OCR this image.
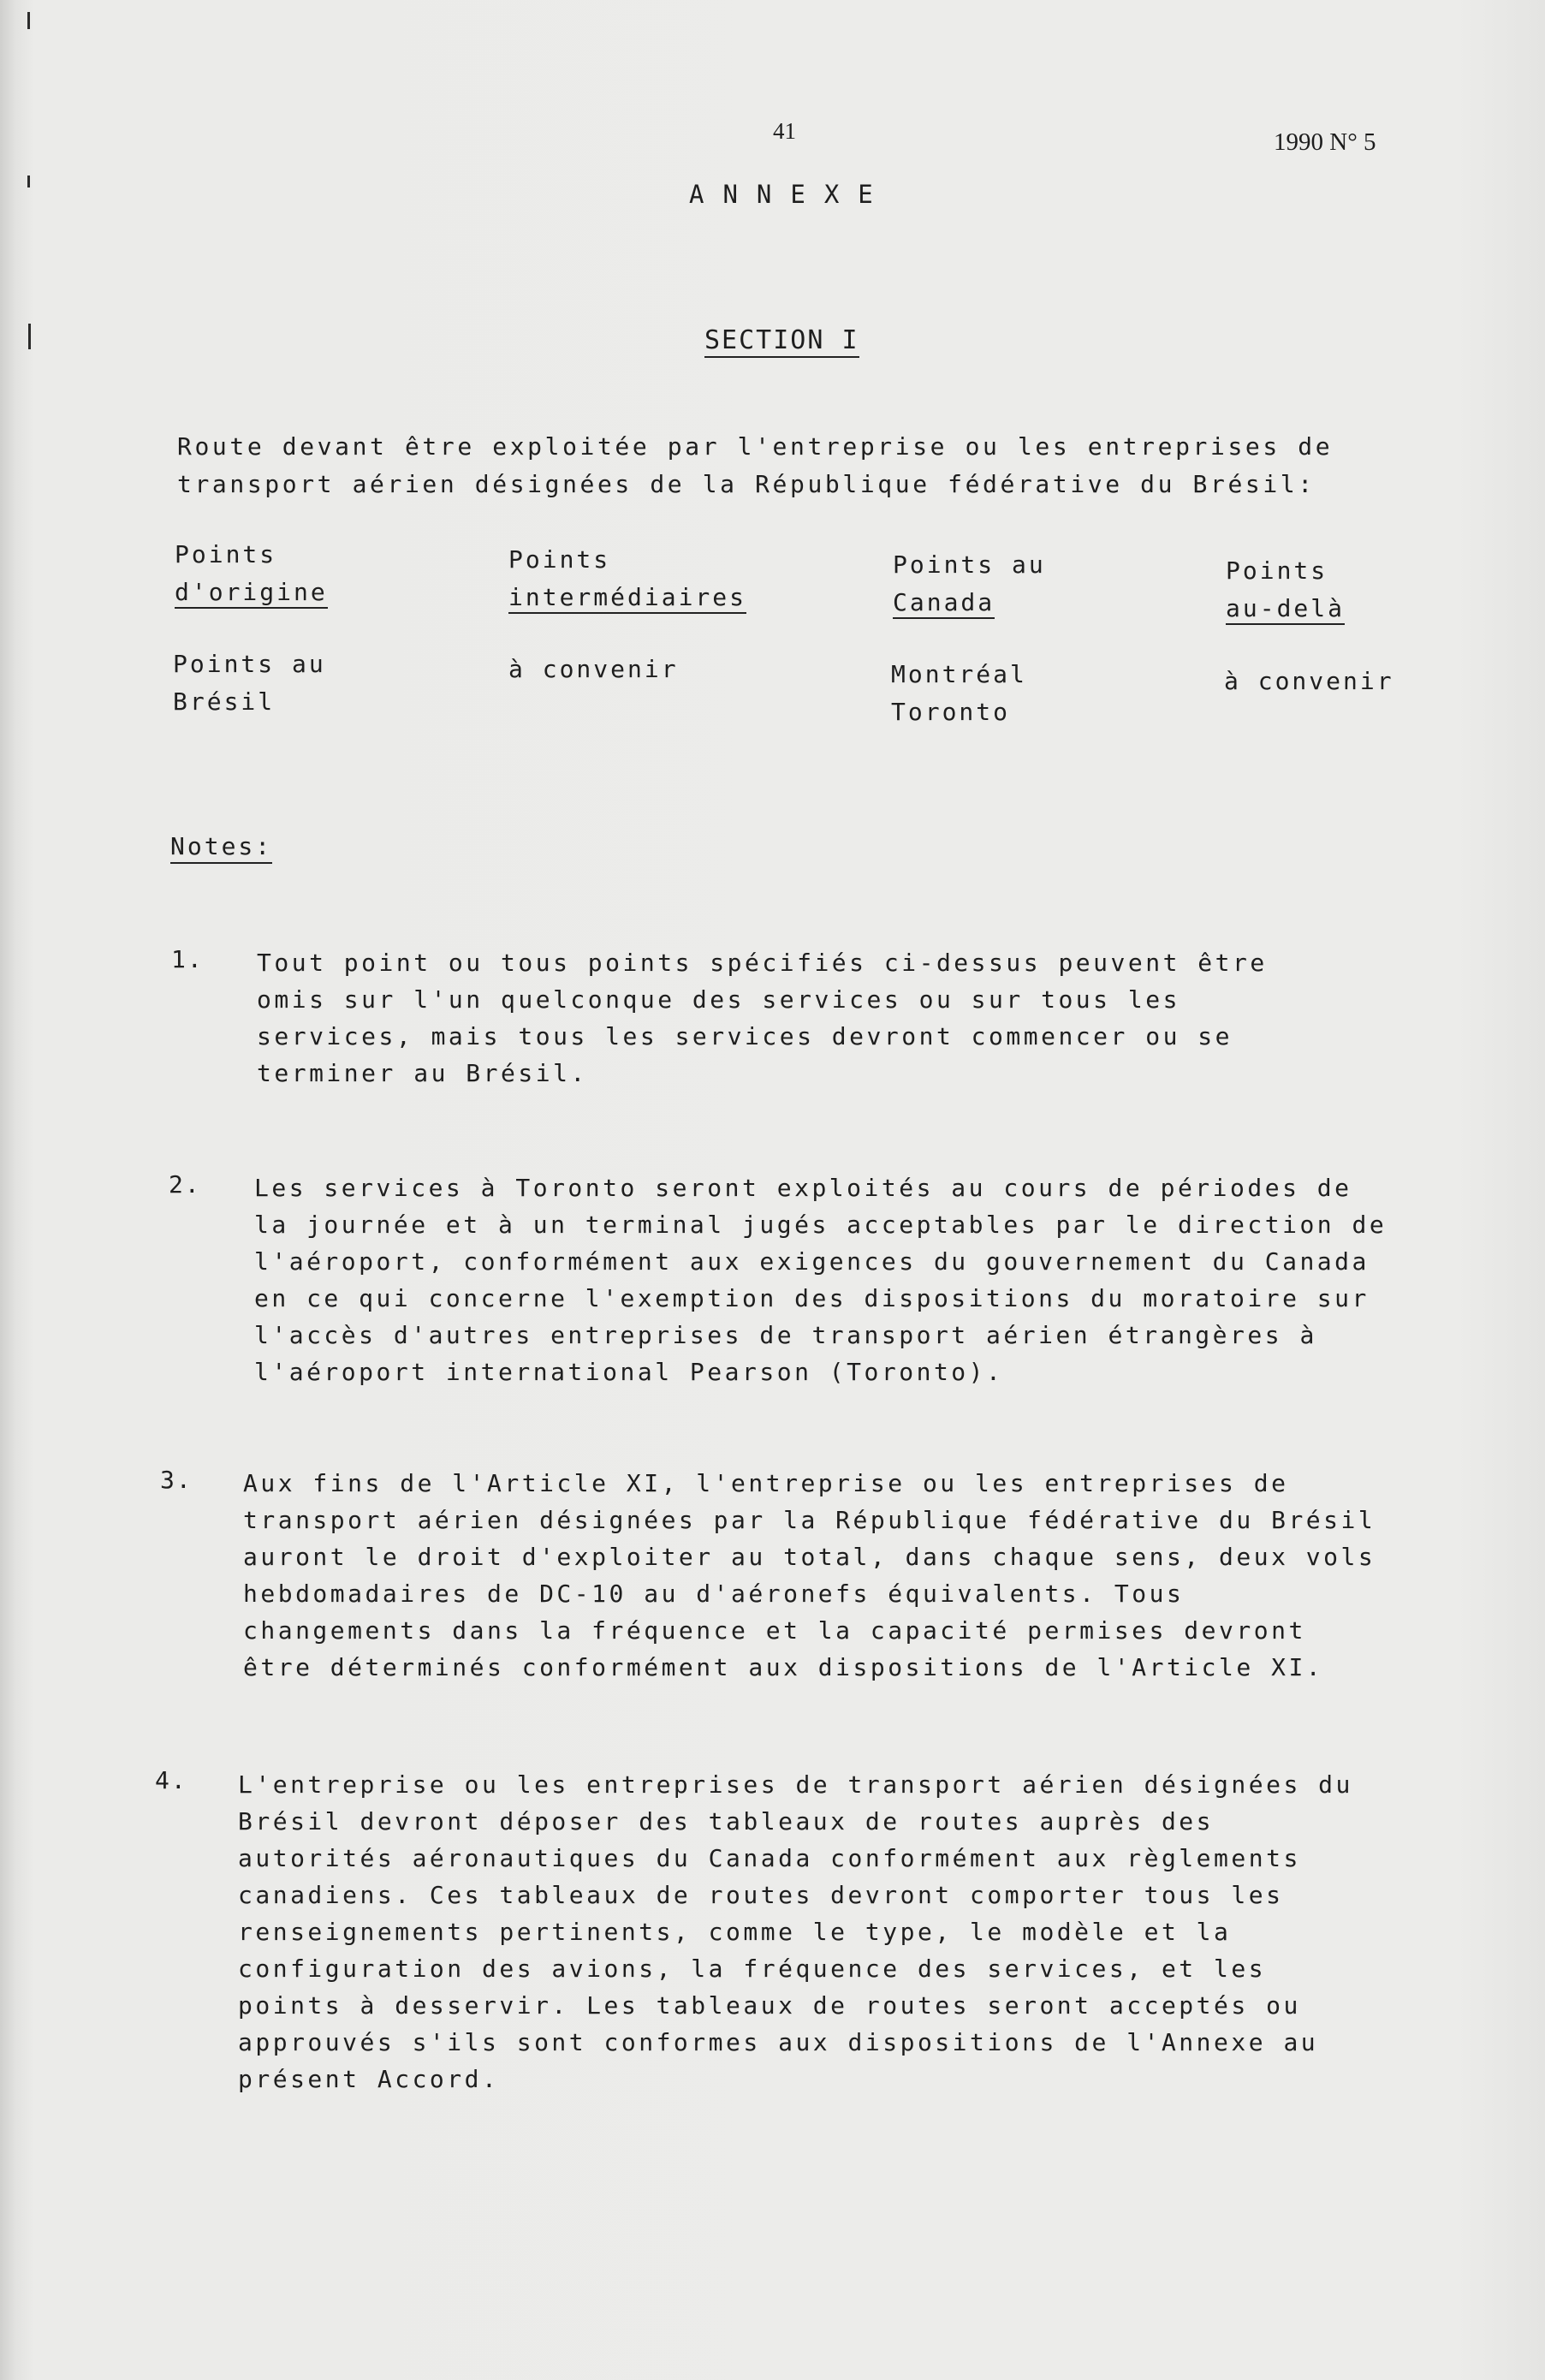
41	1990 N° 5
ANNEXE
SECTION I
Route devant être exploitée par l'entreprise ou les entreprises de
transport aérien désignées de la République fédérative du Brésil:
Points
d'origine
Points
intermédiaires
Points au
Canada
Points
au-delà
Points au
Brésil
à convenir	Montréal
Toronto
à convenir
Notes:
1. Tout point ou tous points spécifiés ci-dessus peuvent être
omis sur l'un quelconque des services ou sur tous les
services, mais tous les services devront commencer ou se
terminer au Brésil.
2. Les services à Toronto seront exploités au cours de périodes de
la journée et à un terminal jugés acceptables par le direction de
l'aéroport, conformément aux exigences du gouvernement du Canada
en ce qui concerne l'exemption des dispositions du moratoire sur
l'accès d'autres entreprises de transport aérien étrangères à
l'aéroport international Pearson (Toronto).
3. Aux fins de l'Article XI, l'entreprise ou les entreprises de
transport aérien désignées par la République fédérative du Brésil
auront le droit d'exploiter au total, dans chaque sens, deux vols
hebdomadaires de DC-10 au d'aéronefs équivalents. Tous
changements dans la fréquence et la capacité permises devront
être déterminés conformément aux dispositions de l'Article XI.
4. L'entreprise ou les entreprises de transport aérien désignées du
Brésil devront déposer des tableaux de routes auprès des
autorités aéronautiques du Canada conformément aux règlements
canadiens. Ces tableaux de routes devront comporter tous les
renseignements pertinents, comme le type, le modèle et la
configuration des avions, la fréquence des services, et les
points à desservir. Les tableaux de routes seront acceptés ou
approuvés s'ils sont conformes aux dispositions de l'Annexe au
présent Accord.
